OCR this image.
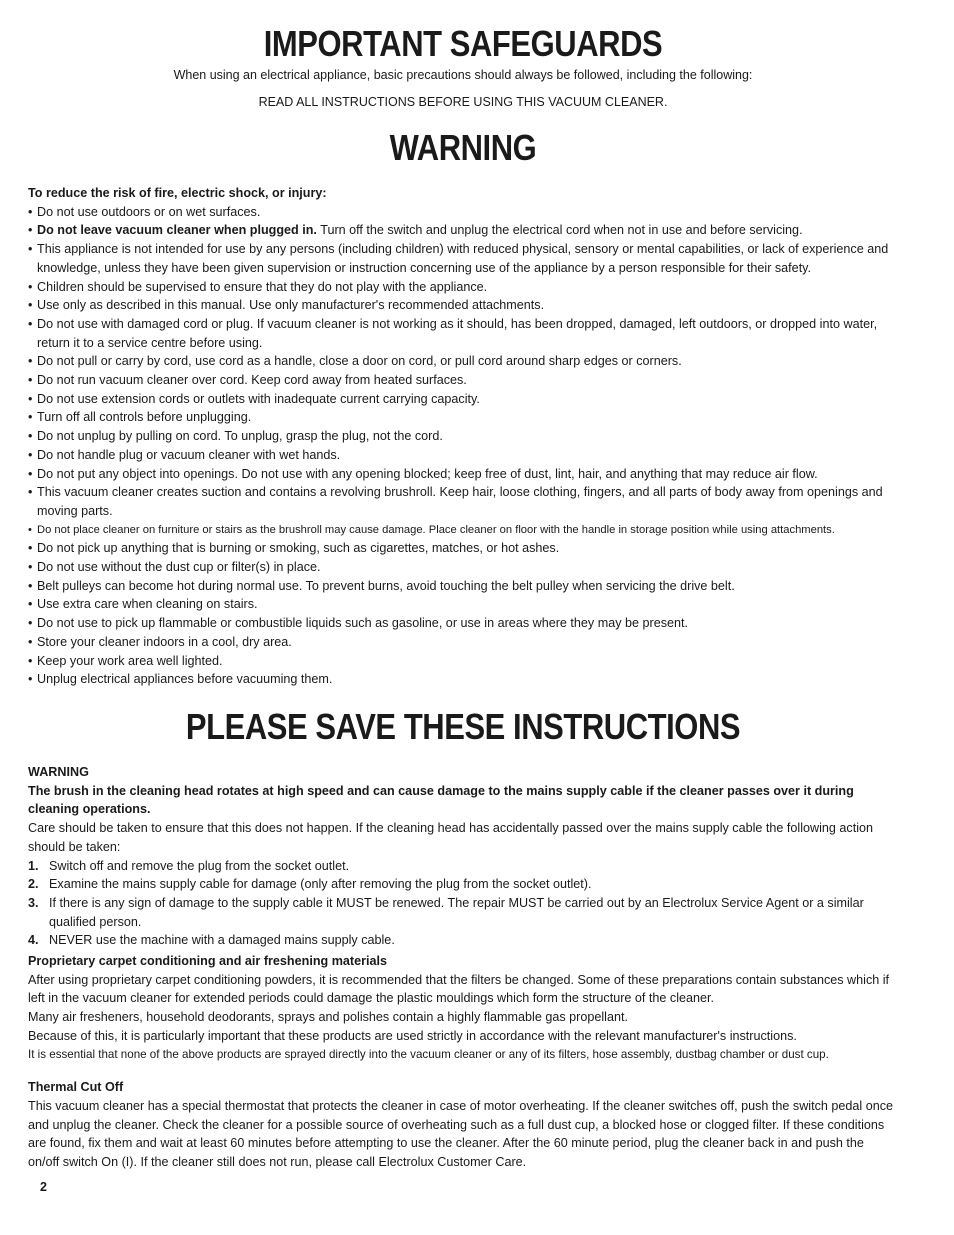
IMPORTANT SAFEGUARDS

When using an electrical appliance, basic precautions should always be followed, including the following:

READ ALL INSTRUCTIONS BEFORE USING THIS VACUUM CLEANER.

WARNING

To reduce the risk of fire, electric shock, or injury:

• Do not use outdoors or on wet surfaces.
• Do not leave vacuum cleaner when plugged in. Turn off the switch and unplug the electrical cord when not in use and before servicing.
• This appliance is not intended for use by any persons (including children) with reduced physical, sensory or mental capabilities, or lack of experience and knowledge, unless they have been given supervision or instruction concerning use of the appliance by a person responsible for their safety.
• Children should be supervised to ensure that they do not play with the appliance.
• Use only as described in this manual. Use only manufacturer's recommended attachments.
• Do not use with damaged cord or plug. If vacuum cleaner is not working as it should, has been dropped, damaged, left outdoors, or dropped into water, return it to a service centre before using.
• Do not pull or carry by cord, use cord as a handle, close a door on cord, or pull cord around sharp edges or corners.
• Do not run vacuum cleaner over cord. Keep cord away from heated surfaces.
• Do not use extension cords or outlets with inadequate current carrying capacity.
• Turn off all controls before unplugging.
• Do not unplug by pulling on cord. To unplug, grasp the plug, not the cord.
• Do not handle plug or vacuum cleaner with wet hands.
• Do not put any object into openings. Do not use with any opening blocked; keep free of dust, lint, hair, and anything that may reduce air flow.
• This vacuum cleaner creates suction and contains a revolving brushroll. Keep hair, loose clothing, fingers, and all parts of body away from openings and moving parts.
• Do not place cleaner on furniture or stairs as the brushroll may cause damage. Place cleaner on floor with the handle in storage position while using attachments.
• Do not pick up anything that is burning or smoking, such as cigarettes, matches, or hot ashes.
• Do not use without the dust cup or filter(s) in place.
• Belt pulleys can become hot during normal use. To prevent burns, avoid touching the belt pulley when servicing the drive belt.
• Use extra care when cleaning on stairs.
• Do not use to pick up flammable or combustible liquids such as gasoline, or use in areas where they may be present.
• Store your cleaner indoors in a cool, dry area.
• Keep your work area well lighted.
• Unplug electrical appliances before vacuuming them.
PLEASE SAVE THESE INSTRUCTIONS

WARNING

The brush in the cleaning head rotates at high speed and can cause damage to the mains supply cable if the cleaner passes over it during cleaning operations.

Care should be taken to ensure that this does not happen. If the cleaning head has accidentally passed over the mains supply cable the following action should be taken:

1. Switch off and remove the plug from the socket outlet.
2. Examine the mains supply cable for damage (only after removing the plug from the socket outlet).
3. If there is any sign of damage to the supply cable it MUST be renewed. The repair MUST be carried out by an Electrolux Service Agent or a similar qualified person.
4. NEVER use the machine with a damaged mains supply cable.

Proprietary carpet conditioning and air freshening materials

After using proprietary carpet conditioning powders, it is recommended that the filters be changed. Some of these preparations contain substances which if left in the vacuum cleaner for extended periods could damage the plastic mouldings which form the structure of the cleaner.

Many air fresheners, household deodorants, sprays and polishes contain a highly flammable gas propellant.

Because of this, it is particularly important that these products are used strictly in accordance with the relevant manufacturer's instructions.

It is essential that none of the above products are sprayed directly into the vacuum cleaner or any of its filters, hose assembly, dustbag chamber or dust cup.

Thermal Cut Off

This vacuum cleaner has a special thermostat that protects the cleaner in case of motor overheating. If the cleaner switches off, push the switch pedal once and unplug the cleaner. Check the cleaner for a possible source of overheating such as a full dust cup, a blocked hose or clogged filter. If these conditions are found, fix them and wait at least 60 minutes before attempting to use the cleaner. After the 60 minute period, plug the cleaner back in and push the on/off switch On (I). If the cleaner still does not run, please call Electrolux Customer Care.

2
